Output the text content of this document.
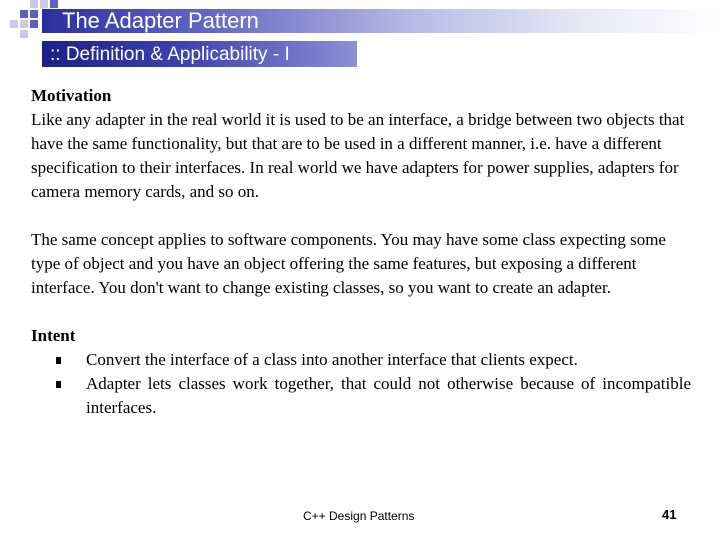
The Adapter Pattern
:: Definition & Applicability - I
Motivation

Like any adapter in the real world it is used to be an interface, a bridge between two objects that have the same functionality, but that are to be used in a different manner, i.e. have a different specification to their interfaces. In real world we have adapters for power supplies, adapters for camera memory cards, and so on.

The same concept applies to software components. You may have some class expecting some type of object and you have an object offering the same features, but exposing a different interface. You don't want to change existing classes, so you want to create an adapter.

Intent
Convert the interface of a class into another interface that clients expect.
Adapter lets classes work together, that could not otherwise because of incompatible interfaces.
C++ Design Patterns	41
